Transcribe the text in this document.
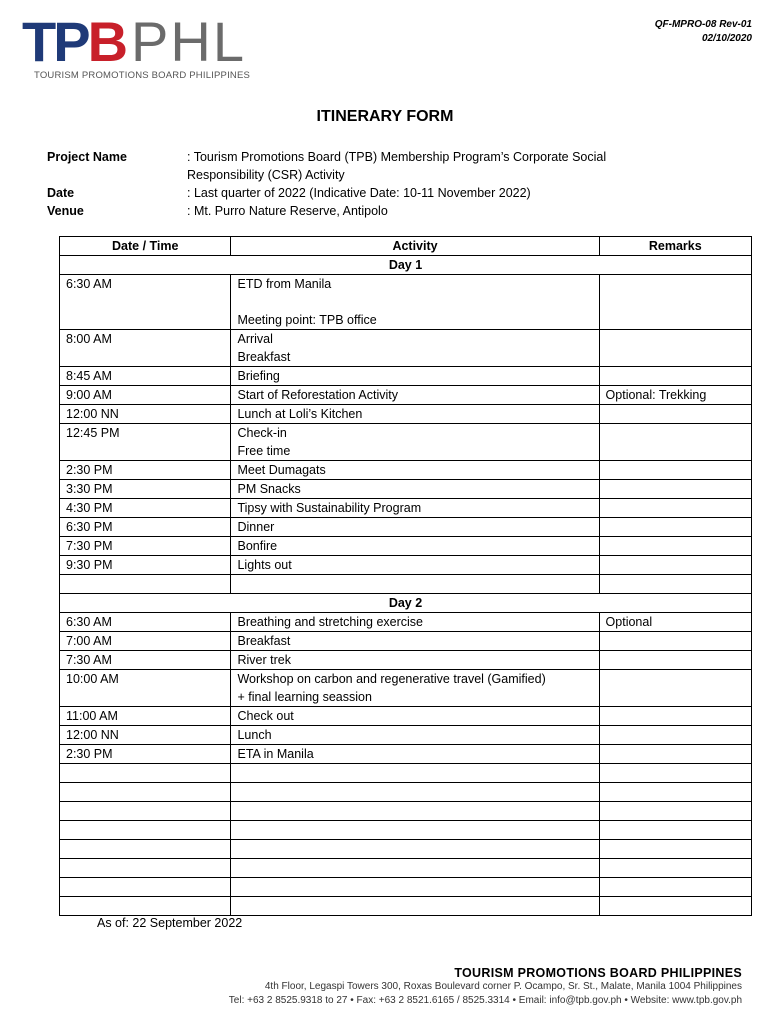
TPB PHL
TOURISM PROMOTIONS BOARD PHILIPPINES
QF-MPRO-08 Rev-01
02/10/2020
ITINERARY FORM
Project Name	: Tourism Promotions Board (TPB) Membership Program’s Corporate Social Responsibility (CSR) Activity
Date	: Last quarter of 2022 (Indicative Date: 10-11 November 2022)
Venue	: Mt. Purro Nature Reserve, Antipolo
Date / Time	Activity	Remarks
Day 1		
6:30 AM	ETD from Manila

Meeting point: TPB office	
8:00 AM	Arrival
Breakfast	
8:45 AM	Briefing	
9:00 AM	Start of Reforestation Activity	Optional: Trekking
12:00 NN	Lunch at Loli’s Kitchen	
12:45 PM	Check-in
Free time	
2:30 PM	Meet Dumagats	
3:30 PM	PM Snacks	
4:30 PM	Tipsy with Sustainability Program	
6:30 PM	Dinner	
7:30 PM	Bonfire	
9:30 PM	Lights out	

Day 2		
6:30 AM	Breathing and stretching exercise	Optional
7:00 AM	Breakfast	
7:30 AM	River trek	
10:00 AM	Workshop on carbon and regenerative travel (Gamified)
+ final learning seassion	
11:00 AM	Check out	
12:00 NN	Lunch	
2:30 PM	ETA in Manila	

As of: 22 September 2022
TOURISM PROMOTIONS BOARD PHILIPPINES
4th Floor, Legaspi Towers 300, Roxas Boulevard corner P. Ocampo, Sr. St., Malate, Manila 1004 Philippines
Tel: +63 2 8525.9318 to 27 • Fax: +63 2 8521.6165 / 8525.3314 • Email: info@tpb.gov.ph • Website: www.tpb.gov.ph
